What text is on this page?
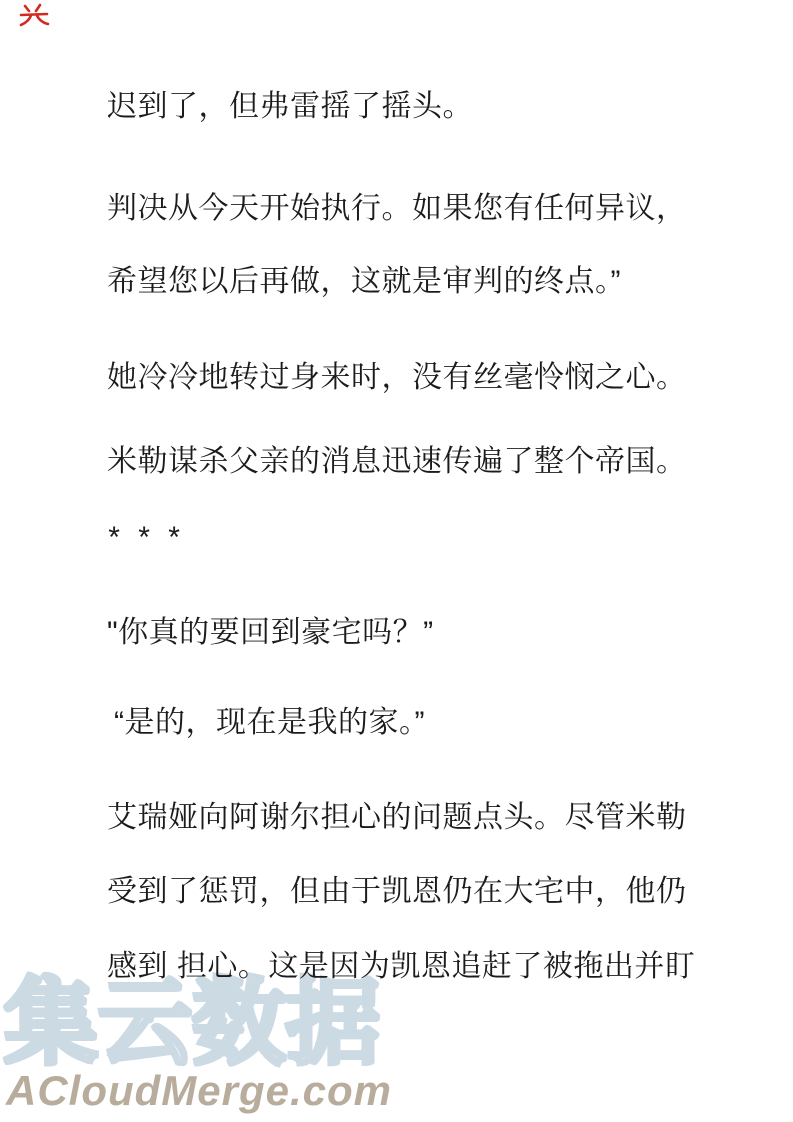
集云数据
ACloudMerge.com
迟到了，但弗雷摇了摇头。
判决从今天开始执行。如果您有任何异议，
希望您以后再做，这就是审判的终点。”
她冷冷地转过身来时，没有丝毫怜悯之心。
米勒谋杀父亲的消息迅速传遍了整个帝国。
* * *
"你真的要回到豪宅吗？”
“是的，现在是我的家。”
艾瑞娅向阿谢尔担心的问题点头。尽管米勒
受到了惩罚，但由于凯恩仍在大宅中，他仍
感到 担心。这是因为凯恩追赶了被拖出并盯
